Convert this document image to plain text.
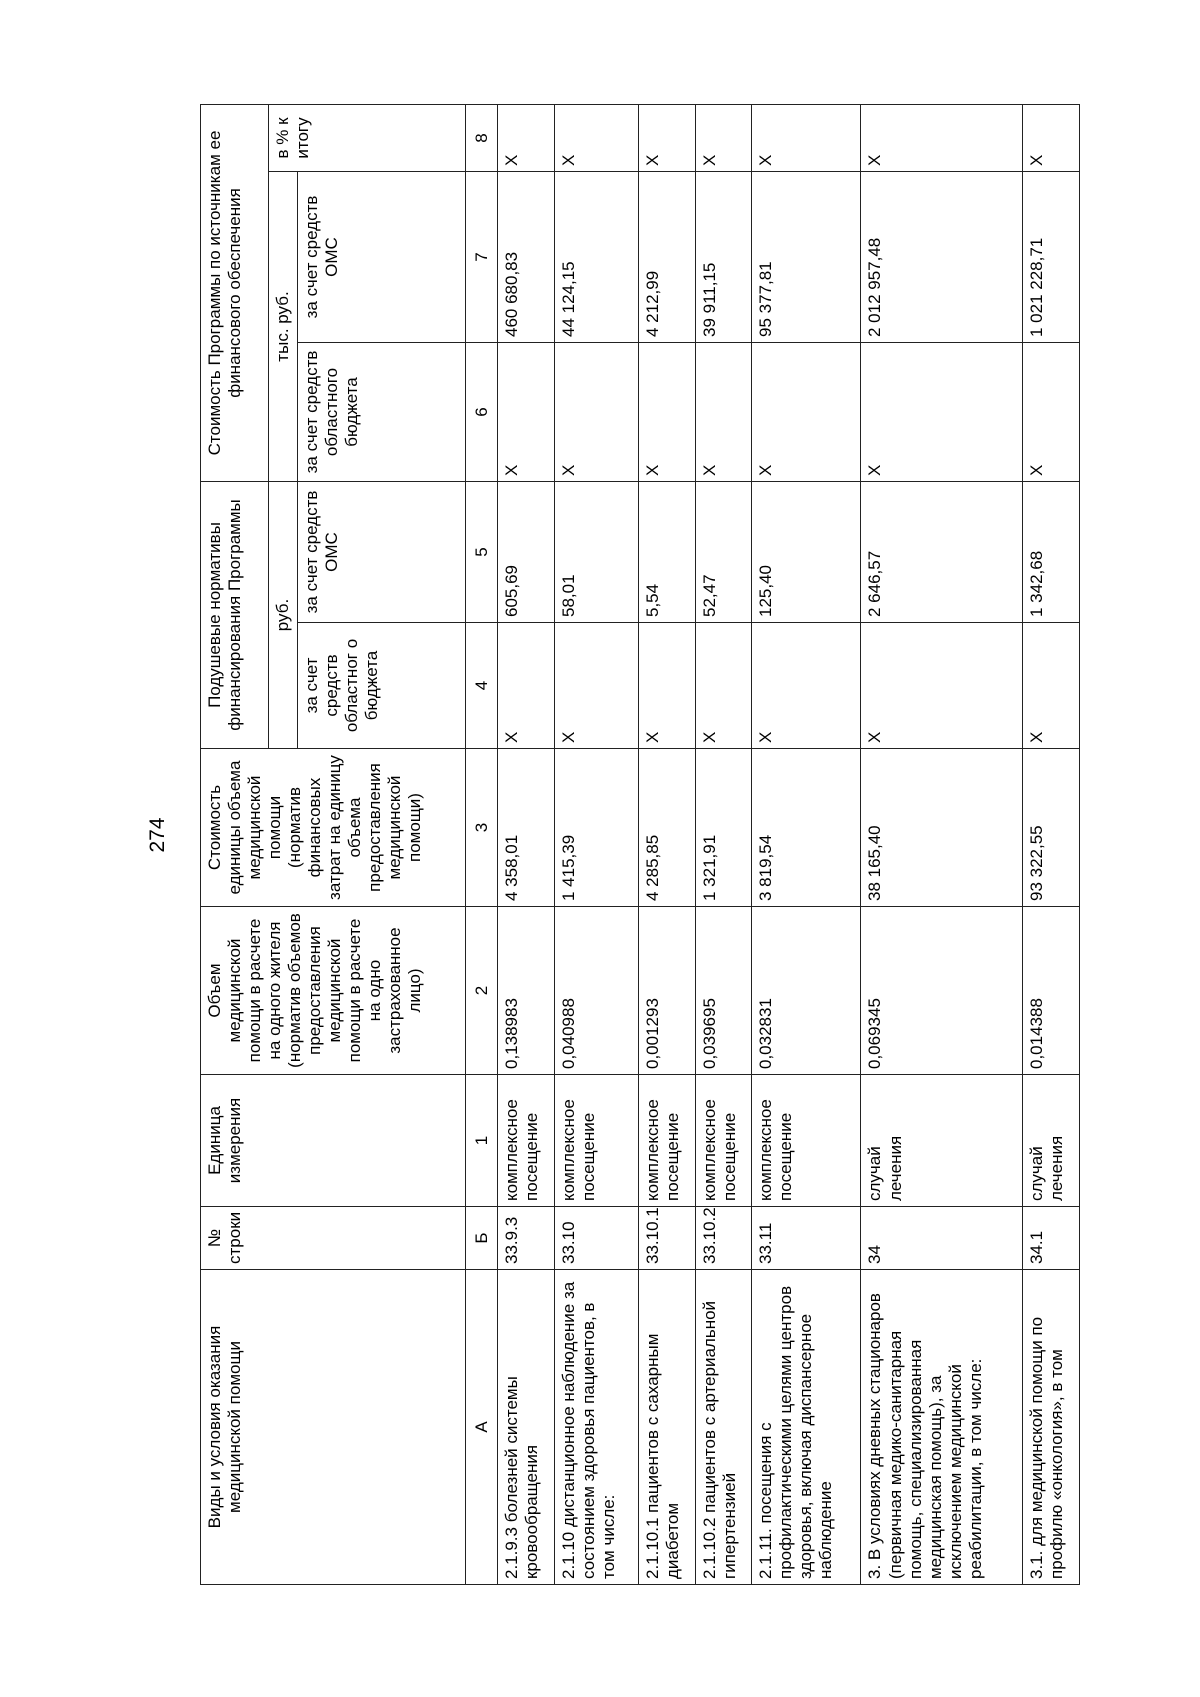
274
Виды и условия оказания медицинской помощи	№ строки	Единица измерения	Объем медицинской помощи в расчете на одного жителя (норматив объемов предоставления медицинской помощи в расчете на одно застрахованное лицо)	Стоимость единицы объема медицинской помощи (норматив финансовых затрат на единицу объема предоставления медицинской помощи)	Подушевые нормативы финансирования Программы		Стоимость Программы по источникам ее финансового обеспечения		
					руб.		тыс. руб.		в % к итогу
					за счет средств областног о бюджета	за счет средств ОМС	за счет средств областного бюджета	за счет средств ОМС	
А	Б	1	2	3	4	5	6	7	8
2.1.9.3 болезней системы кровообращения	33.9.3	комплексное посещение	0,138983	4 358,01	Х	605,69	Х	460 680,83	Х
2.1.10 дистанционное наблюдение за состоянием здоровья пациентов, в том числе:	33.10	комплексное посещение	0,040988	1 415,39	Х	58,01	Х	44 124,15	Х
2.1.10.1 пациентов с сахарным диабетом	33.10.1	комплексное посещение	0,001293	4 285,85	Х	5,54	Х	4 212,99	Х
2.1.10.2 пациентов с артериальной гипертензией	33.10.2	комплексное посещение	0,039695	1 321,91	Х	52,47	Х	39 911,15	Х
2.1.11. посещения с профилактическими целями центров здоровья, включая диспансерное наблюдение	33.11	комплексное посещение	0,032831	3 819,54	Х	125,40	Х	95 377,81	Х
3. В условиях дневных стационаров (первичная медико-санитарная помощь, специализированная медицинская помощь), за исключением медицинской реабилитации, в том числе:	34	случай лечения	0,069345	38 165,40	Х	2 646,57	Х	2 012 957,48	Х
3.1. для медицинской помощи по профилю «онкология», в том	34.1	случай лечения	0,014388	93 322,55	Х	1 342,68	Х	1 021 228,71	Х
